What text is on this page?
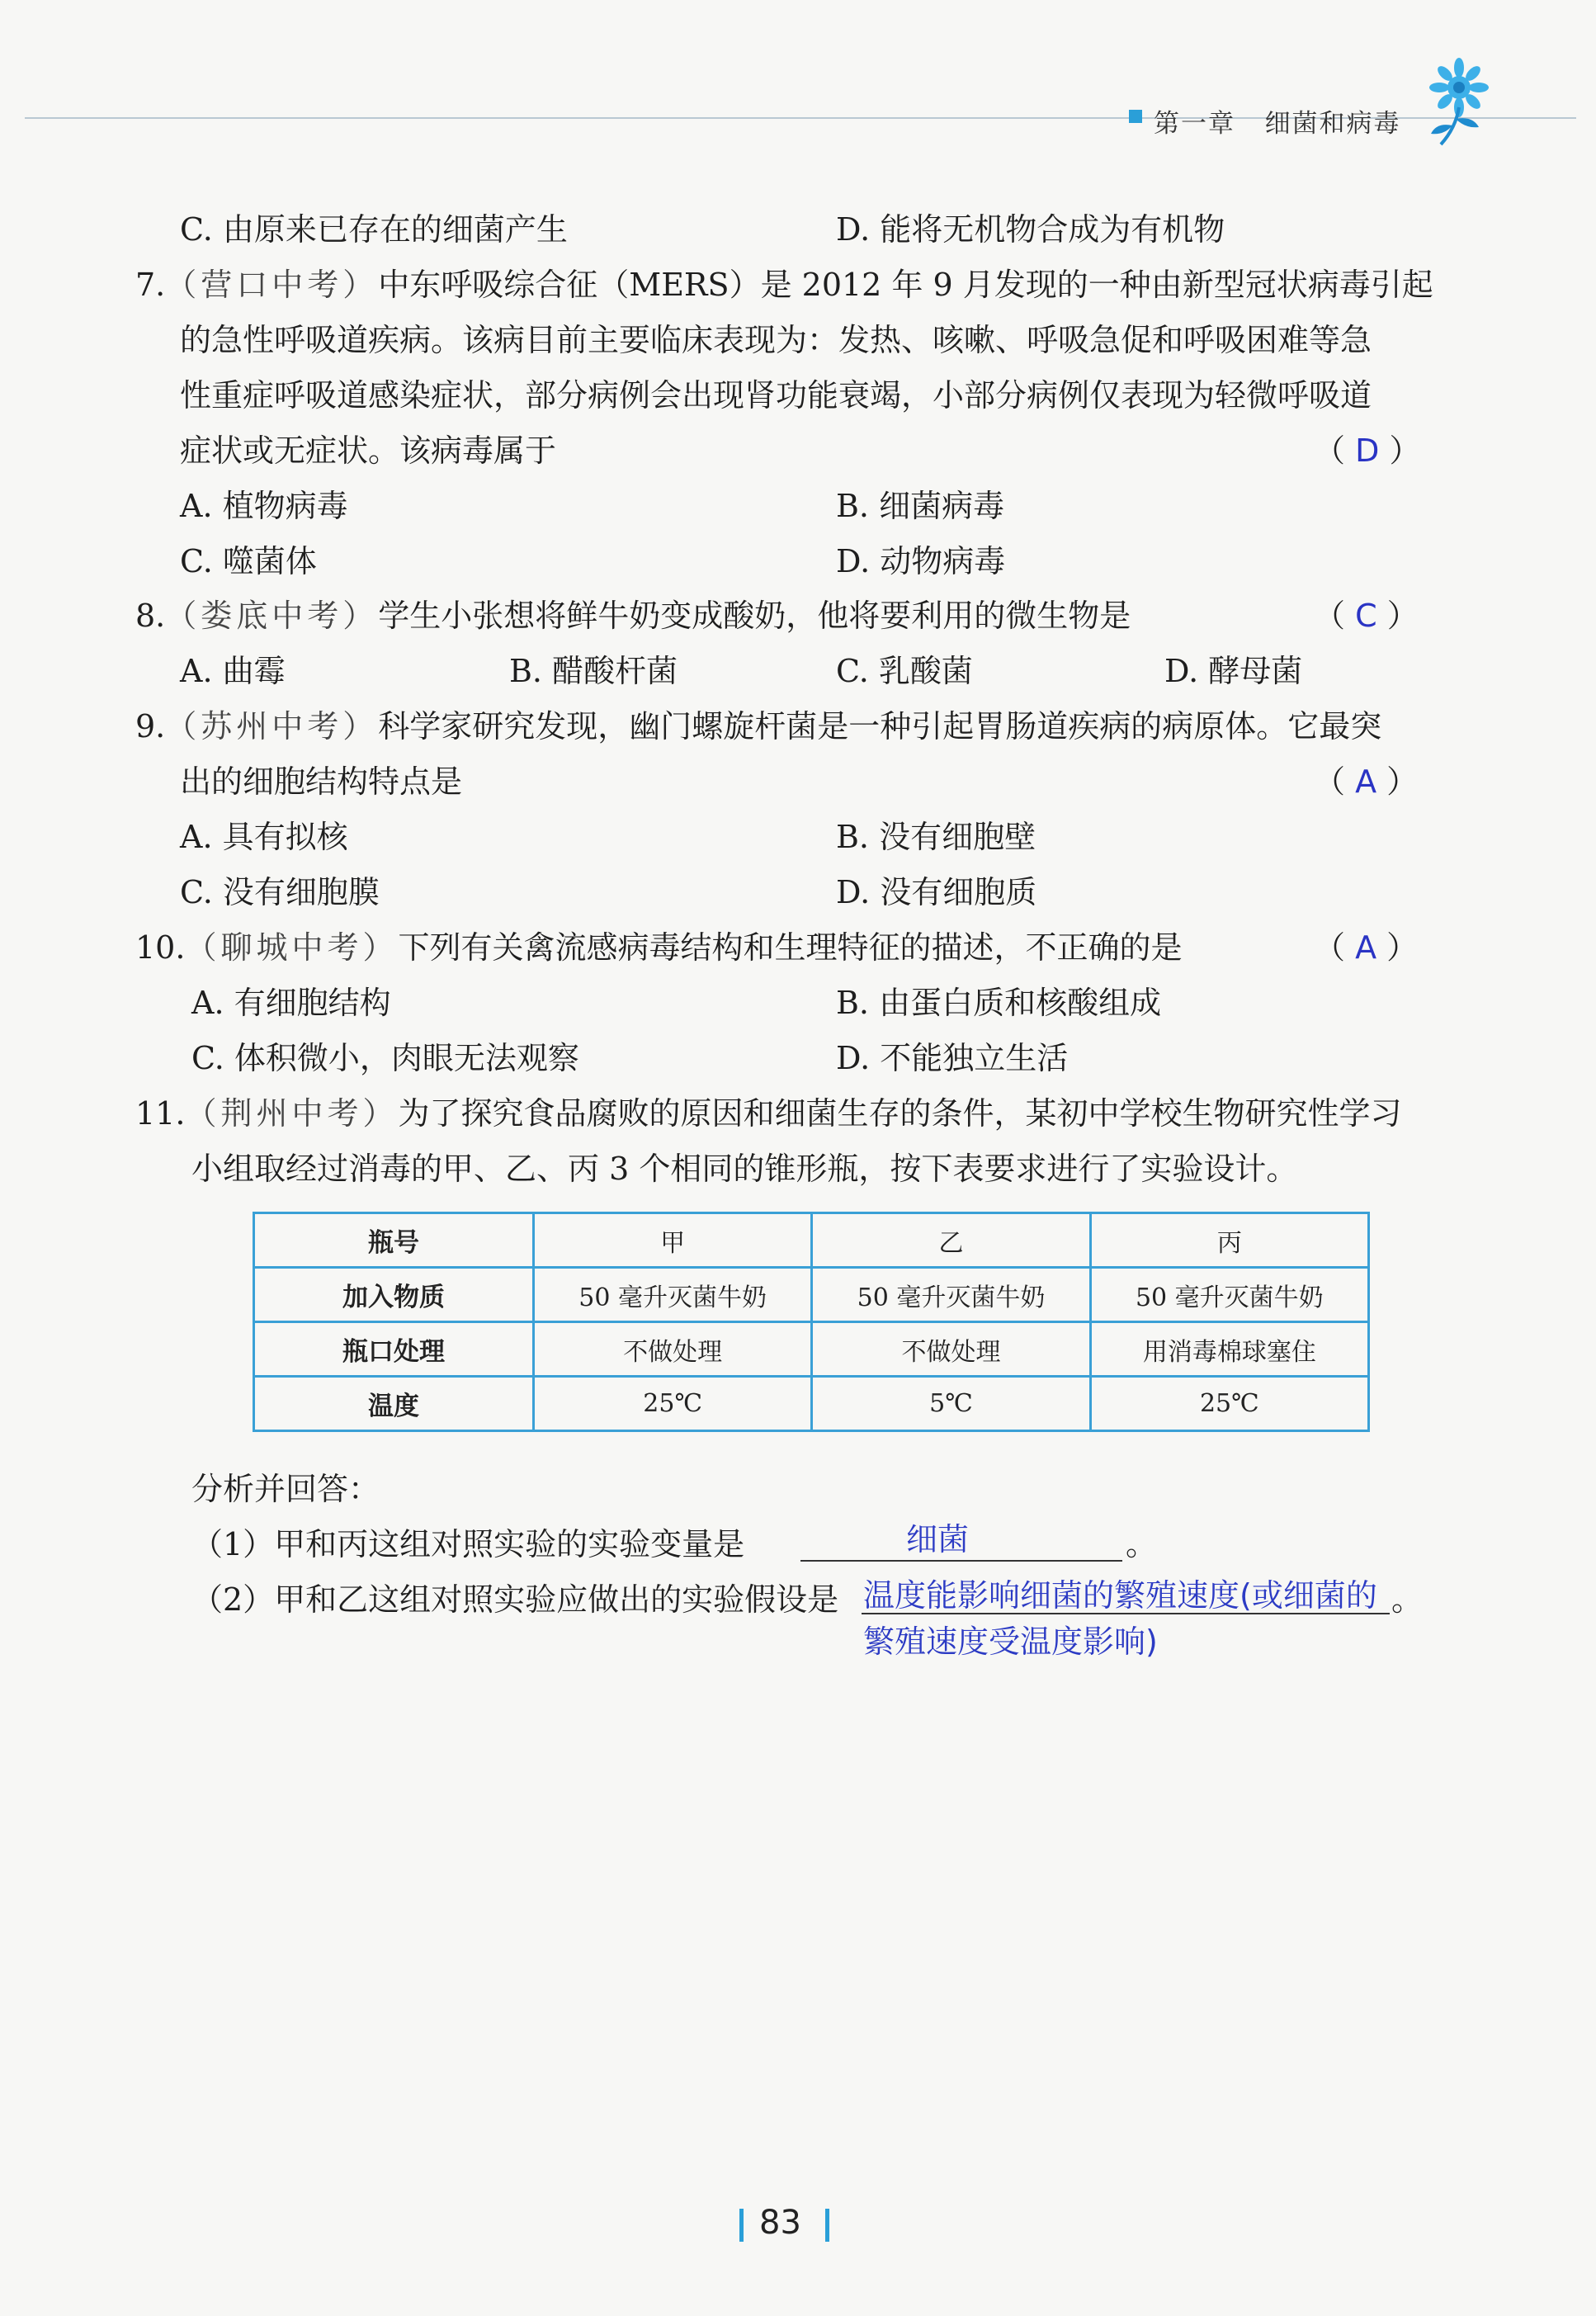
第一章 细菌和病毒
C. 由原来已存在的细菌产生	D. 能将无机物合成为有机物
7.（营口中考）中东呼吸综合征（MERS）是 2012 年 9 月发现的一种由新型冠状病毒引起
的急性呼吸道疾病。该病目前主要临床表现为：发热、咳嗽、呼吸急促和呼吸困难等急
性重症呼吸道感染症状，部分病例会出现肾功能衰竭，小部分病例仅表现为轻微呼吸道
症状或无症状。该病毒属于	（ D ）
A. 植物病毒	B. 细菌病毒
C. 噬菌体	D. 动物病毒
8.（娄底中考）学生小张想将鲜牛奶变成酸奶，他将要利用的微生物是	（ C ）
A. 曲霉	B. 醋酸杆菌	C. 乳酸菌	D. 酵母菌
9.（苏州中考）科学家研究发现，幽门螺旋杆菌是一种引起胃肠道疾病的病原体。它最突
出的细胞结构特点是	（ A ）
A. 具有拟核	B. 没有细胞壁
C. 没有细胞膜	D. 没有细胞质
10.（聊城中考）下列有关禽流感病毒结构和生理特征的描述，不正确的是	（ A ）
A. 有细胞结构	B. 由蛋白质和核酸组成
C. 体积微小，肉眼无法观察	D. 不能独立生活
11.（荆州中考）为了探究食品腐败的原因和细菌生存的条件，某初中学校生物研究性学习
小组取经过消毒的甲、乙、丙 3 个相同的锥形瓶，按下表要求进行了实验设计。
瓶号	甲	乙	丙
加入物质	50 毫升灭菌牛奶	50 毫升灭菌牛奶	50 毫升灭菌牛奶
瓶口处理	不做处理	不做处理	用消毒棉球塞住
温度	25℃	5℃	25℃
分析并回答：
（1）甲和丙这组对照实验的实验变量是	细菌	。
（2）甲和乙这组对照实验应做出的实验假设是 温度能影响细菌的繁殖速度(或细菌的
繁殖速度受温度影响)
。
83
